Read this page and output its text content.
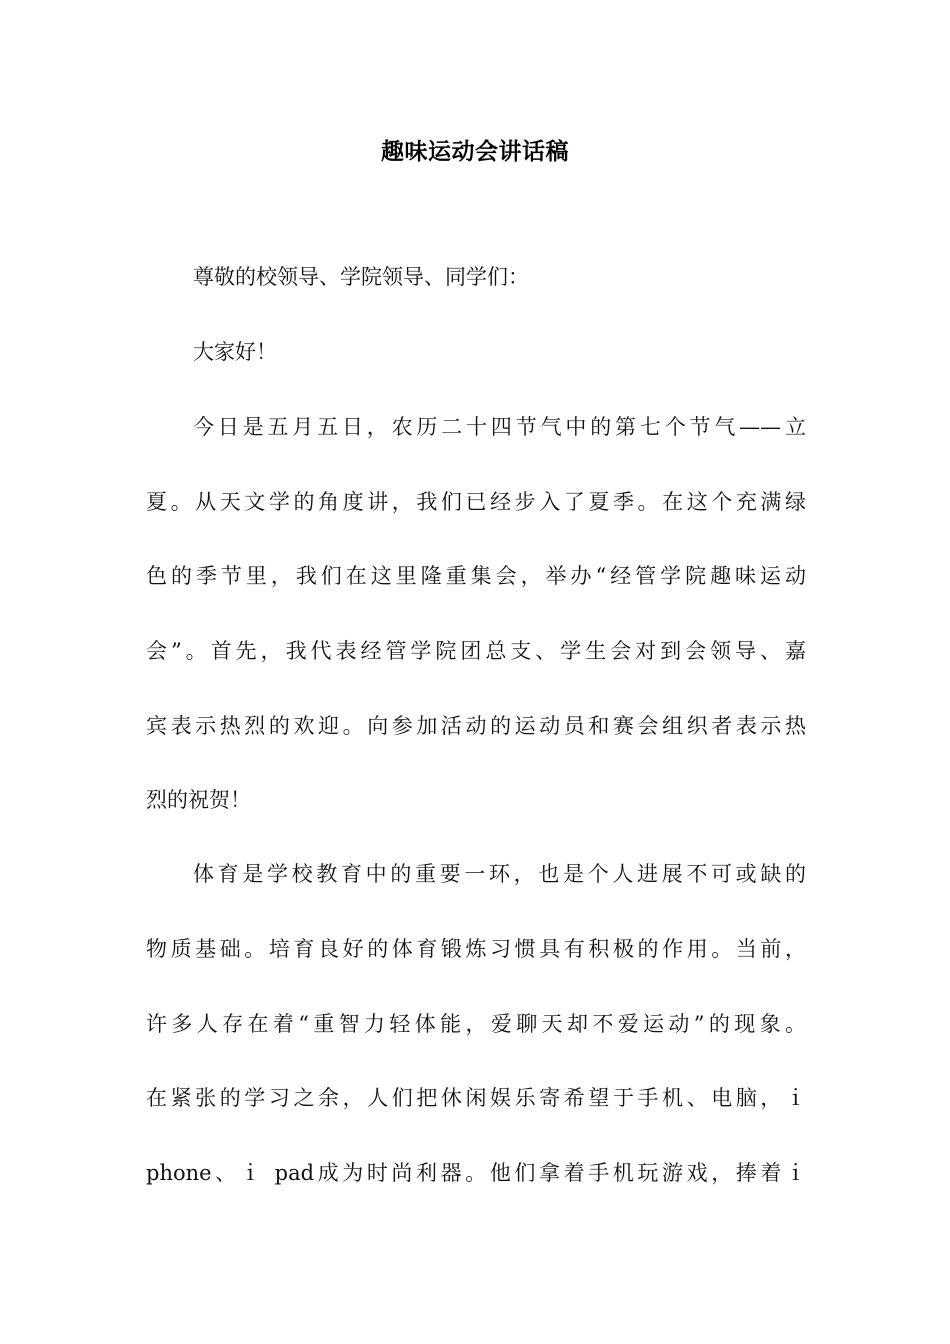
趣味运动会讲话稿
尊敬的校领导、学院领导、同学们：
大家好！
今日是五月五日，农历二十四节气中的第七个节气——立
夏。从天文学的角度讲，我们已经步入了夏季。在这个充满绿
色的季节里，我们在这里隆重集会，举办“经管学院趣味运动
会”。首先，我代表经管学院团总支、学生会对到会领导、嘉
宾表示热烈的欢迎。向参加活动的运动员和赛会组织者表示热
烈的祝贺！
体育是学校教育中的重要一环，也是个人进展不可或缺的
物质基础。培育良好的体育锻炼习惯具有积极的作用。当前，
许多人存在着“重智力轻体能，爱聊天却不爱运动”的现象。
在紧张的学习之余，人们把休闲娱乐寄希望于手机、电脑，ｉ
phone、ｉ pad成为时尚利器。他们拿着手机玩游戏，捧着ｉ
